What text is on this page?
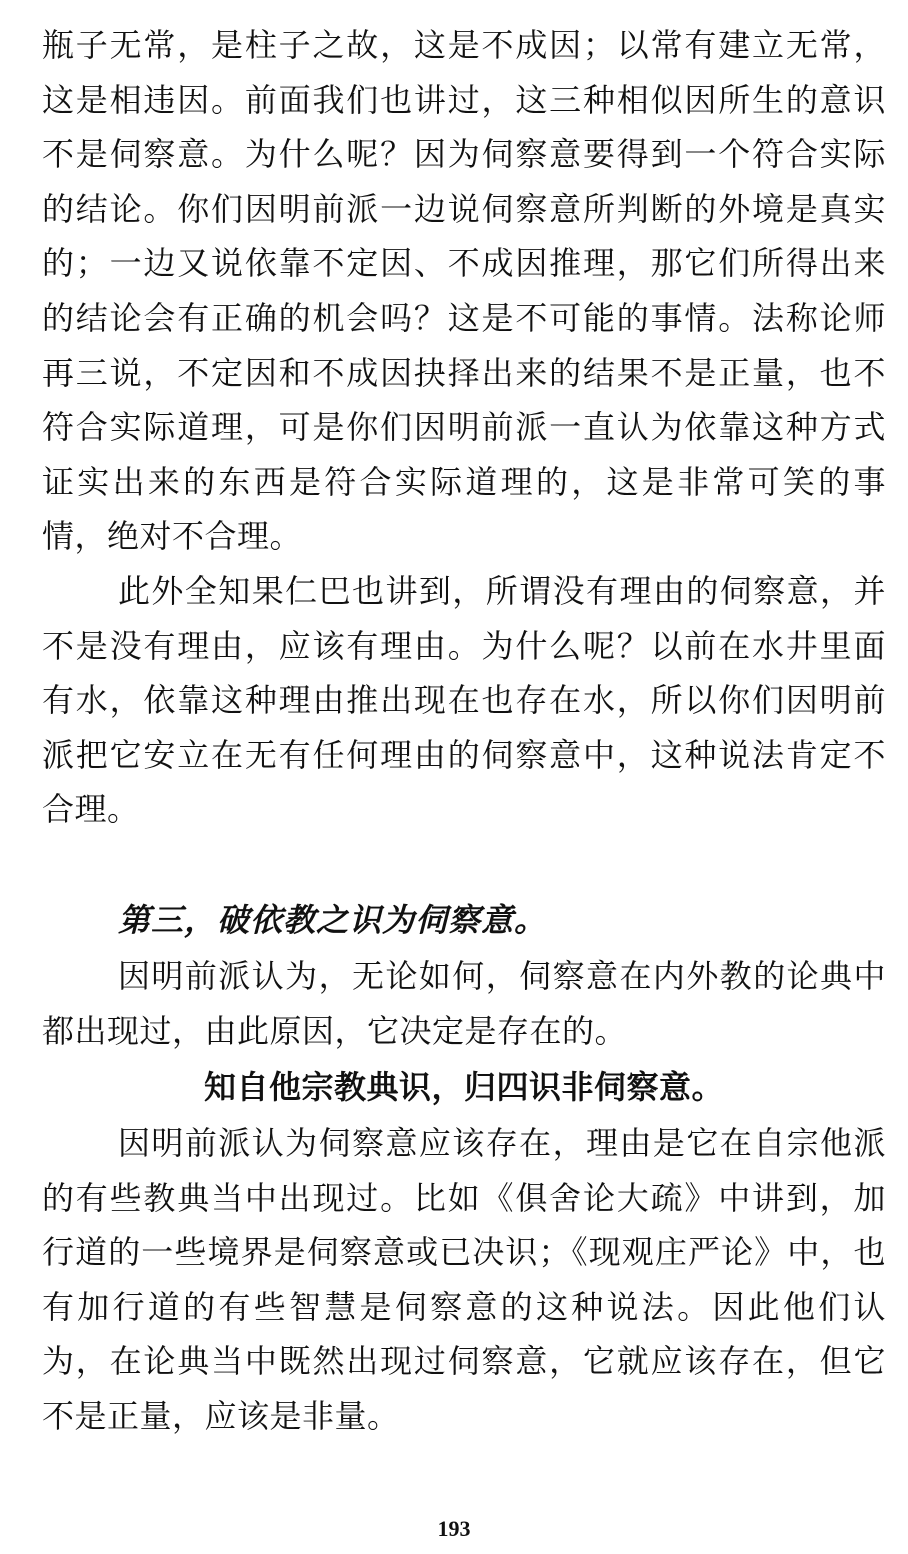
瓶子无常，是柱子之故，这是不成因；以常有建立无常，这是相违因。前面我们也讲过，这三种相似因所生的意识不是伺察意。为什么呢？因为伺察意要得到一个符合实际的结论。你们因明前派一边说伺察意所判断的外境是真实的；一边又说依靠不定因、不成因推理，那它们所得出来的结论会有正确的机会吗？这是不可能的事情。法称论师再三说，不定因和不成因抉择出来的结果不是正量，也不符合实际道理，可是你们因明前派一直认为依靠这种方式证实出来的东西是符合实际道理的，这是非常可笑的事情，绝对不合理。

此外全知果仁巴也讲到，所谓没有理由的伺察意，并不是没有理由，应该有理由。为什么呢？以前在水井里面有水，依靠这种理由推出现在也存在水，所以你们因明前派把它安立在无有任何理由的伺察意中，这种说法肯定不合理。

第三，破依教之识为伺察意。

因明前派认为，无论如何，伺察意在内外教的论典中都出现过，由此原因，它决定是存在的。

知自他宗教典识，归四识非伺察意。

因明前派认为伺察意应该存在，理由是它在自宗他派的有些教典当中出现过。比如《俱舍论大疏》中讲到，加行道的一些境界是伺察意或已决识；《现观庄严论》中，也有加行道的有些智慧是伺察意的这种说法。因此他们认为，在论典当中既然出现过伺察意，它就应该存在，但它不是正量，应该是非量。

193
